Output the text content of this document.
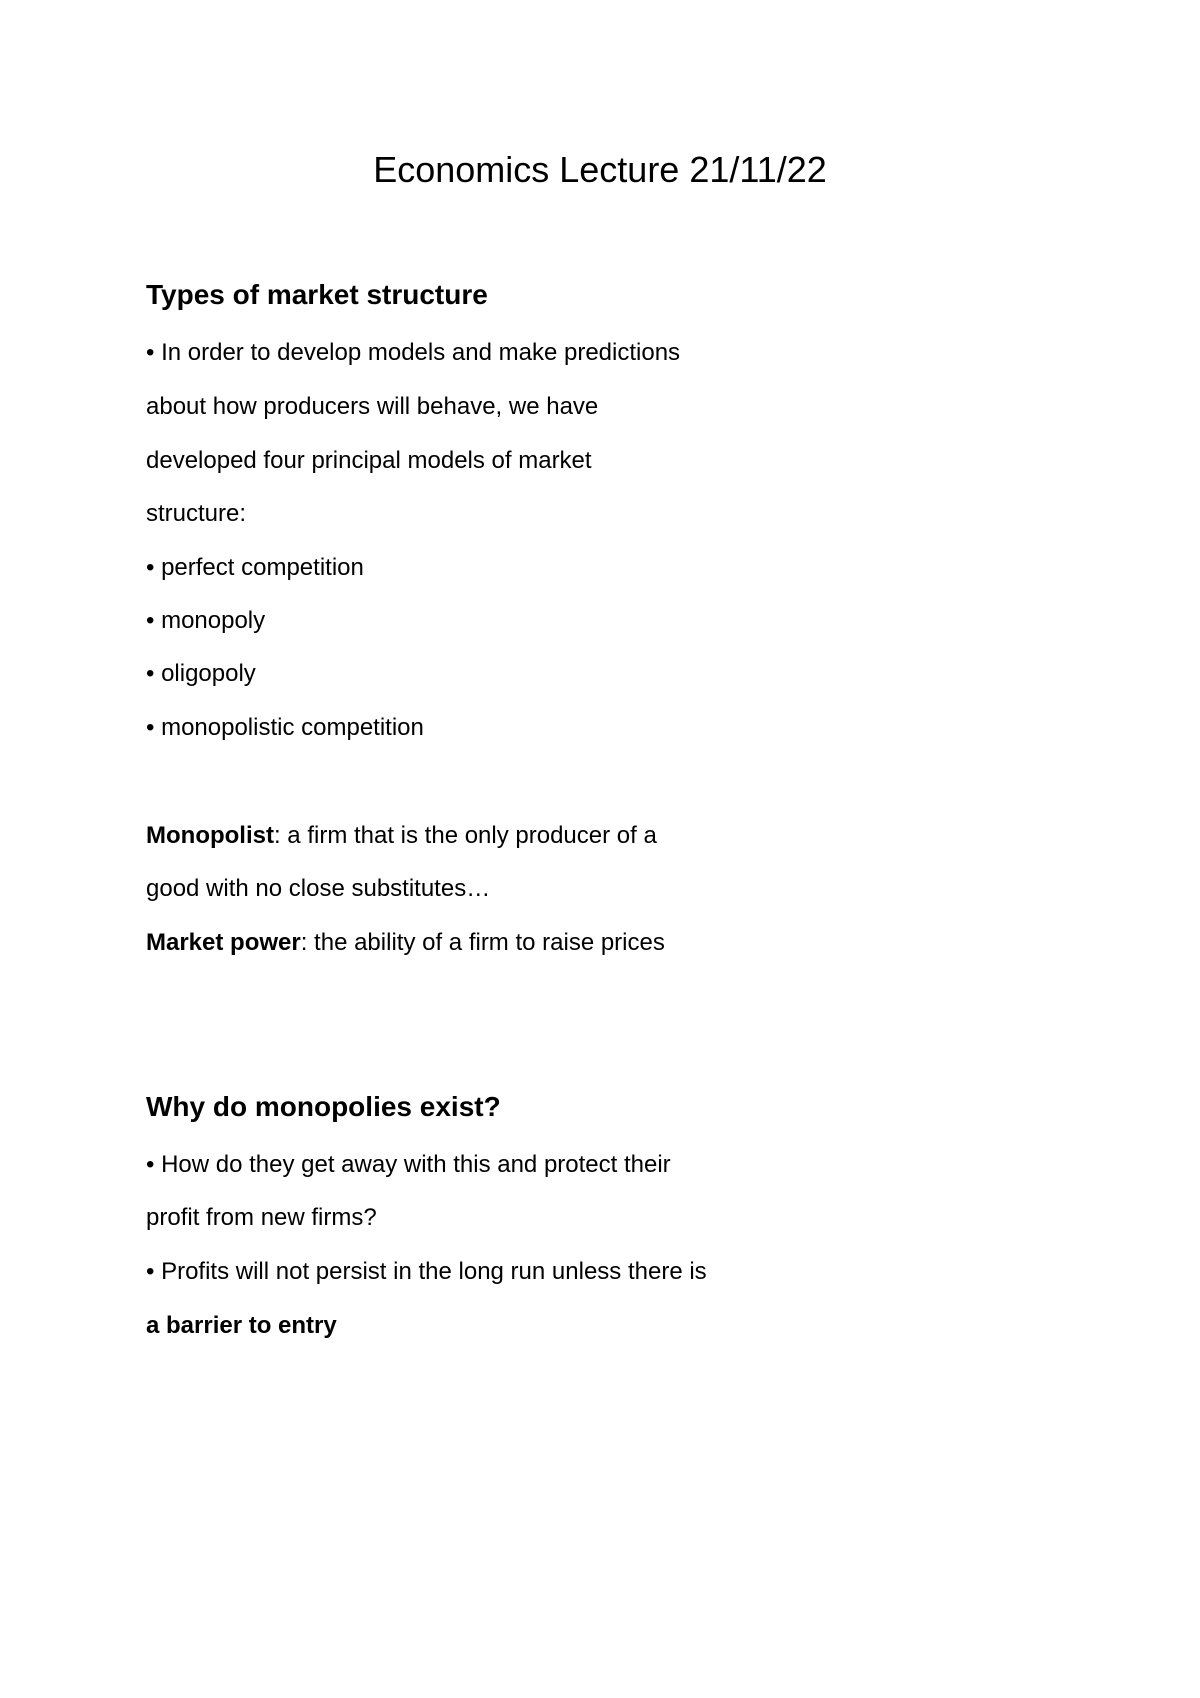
Economics Lecture 21/11/22
Types of market structure

• In order to develop models and make predictions

about how producers will behave, we have

developed four principal models of market

structure:

• perfect competition

• monopoly

• oligopoly

• monopolistic competition

Monopolist: a firm that is the only producer of a

good with no close substitutes…

Market power: the ability of a firm to raise prices

Why do monopolies exist?

• How do they get away with this and protect their

profit from new firms?

• Profits will not persist in the long run unless there is

a barrier to entry
